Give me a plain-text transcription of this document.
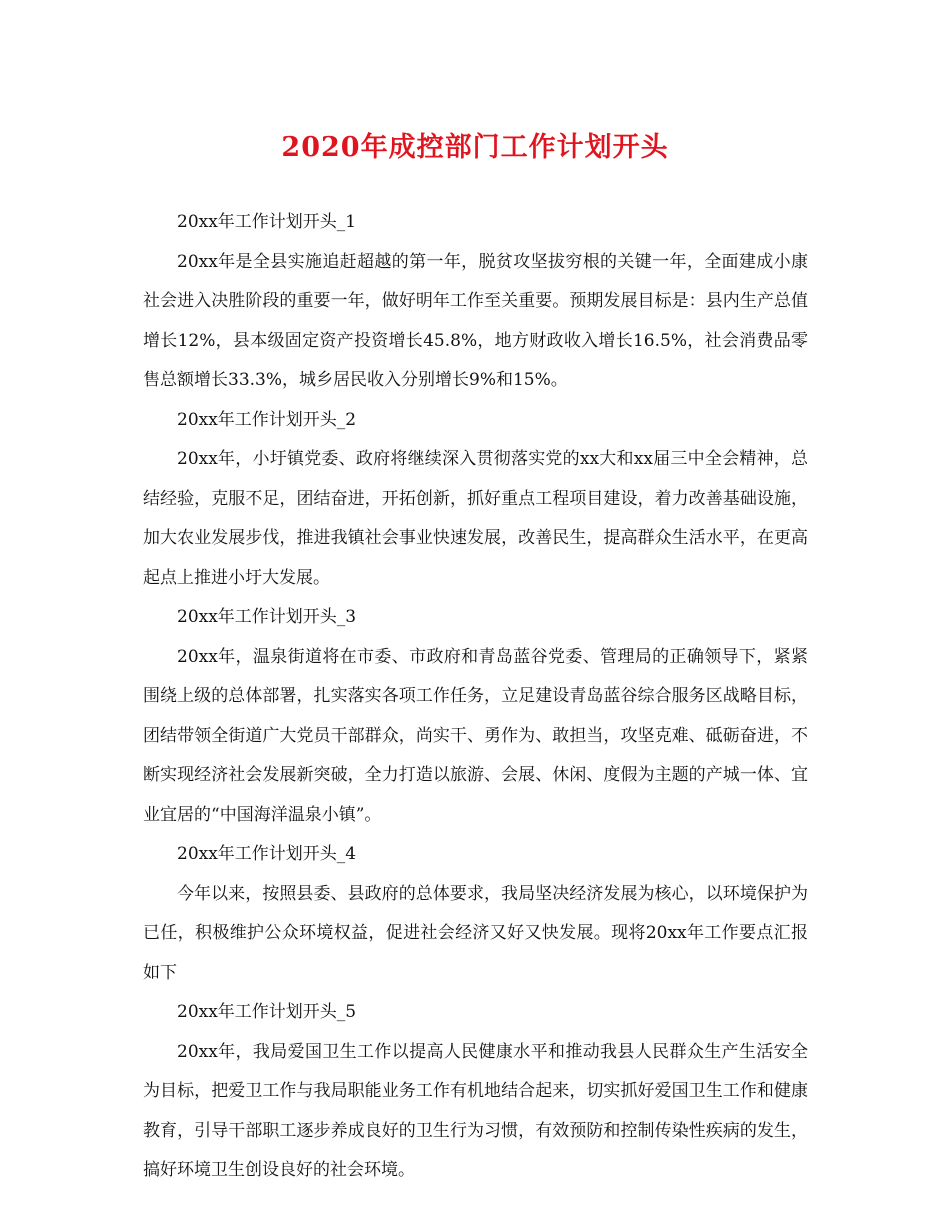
2020年成控部门工作计划开头

20xx年工作计划开头_1

20xx年是全县实施追赶超越的第一年，脱贫攻坚拔穷根的关键一年，全面建成小康社会进入决胜阶段的重要一年，做好明年工作至关重要。预期发展目标是：县内生产总值增长12%，县本级固定资产投资增长45.8%，地方财政收入增长16.5%，社会消费品零售总额增长33.3%，城乡居民收入分别增长9%和15%。

20xx年工作计划开头_2

20xx年，小圩镇党委、政府将继续深入贯彻落实党的xx大和xx届三中全会精神，总结经验，克服不足，团结奋进，开拓创新，抓好重点工程项目建设，着力改善基础设施，加大农业发展步伐，推进我镇社会事业快速发展，改善民生，提高群众生活水平，在更高起点上推进小圩大发展。

20xx年工作计划开头_3

20xx年，温泉街道将在市委、市政府和青岛蓝谷党委、管理局的正确领导下，紧紧围绕上级的总体部署，扎实落实各项工作任务，立足建设青岛蓝谷综合服务区战略目标，团结带领全街道广大党员干部群众，尚实干、勇作为、敢担当，攻坚克难、砥砺奋进，不断实现经济社会发展新突破，全力打造以旅游、会展、休闲、度假为主题的产城一体、宜业宜居的“中国海洋温泉小镇”。

20xx年工作计划开头_4

今年以来，按照县委、县政府的总体要求，我局坚决经济发展为核心，以环境保护为已任，积极维护公众环境权益，促进社会经济又好又快发展。现将20xx年工作要点汇报如下

20xx年工作计划开头_5

20xx年，我局爱国卫生工作以提高人民健康水平和推动我县人民群众生产生活安全为目标，把爱卫工作与我局职能业务工作有机地结合起来，切实抓好爱国卫生工作和健康教育，引导干部职工逐步养成良好的卫生行为习惯，有效预防和控制传染性疾病的发生，搞好环境卫生创设良好的社会环境。
